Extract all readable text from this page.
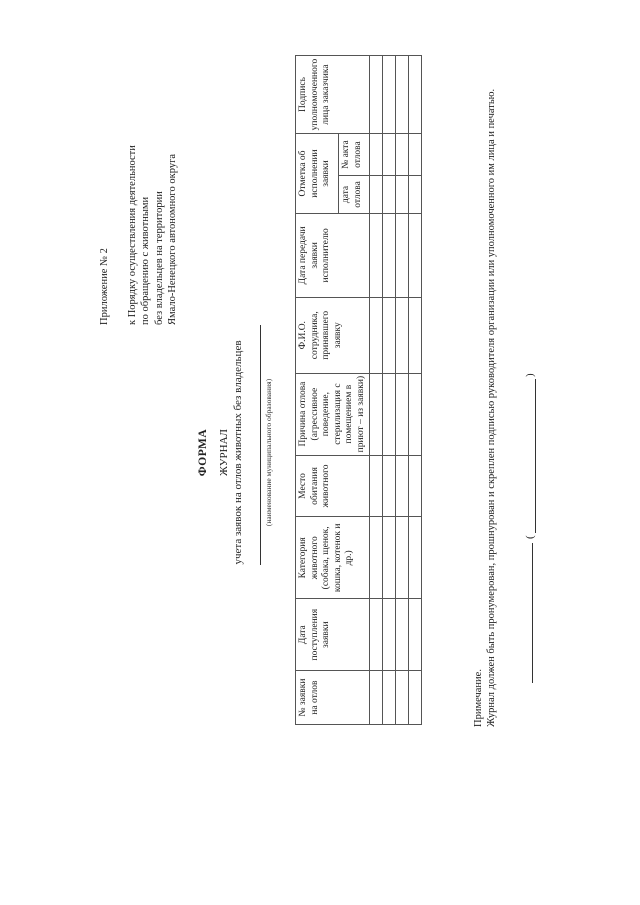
Приложение № 2 к Порядку осуществления деятельности по обращению с животными без владельцев на территории Ямало-Ненецкого автономного округа
ФОРМА ЖУРНАЛ учета заявок на отлов животных без владельцев	(наименование муниципального образования)
№ заявки на отлов	Дата поступления заявки	Категория животного (собака, щенок, кошка, котенок и др.)	Место обитания животного	Причина отлова (агрессивное поведение, стерилизация с помещением в приют – из заявки)	Ф.И.О. сотрудника, принявшего заявку	Дата передачи заявки исполнителю	Отметка об исполнении заявки		Подпись уполномоченного лица заказчика
							дата отлова	№ акта отлова	

Примечание. Журнал должен быть пронумерован, прошнурован и скреплен подписью руководителя организации или уполномоченного им лица и печатью. (
)
